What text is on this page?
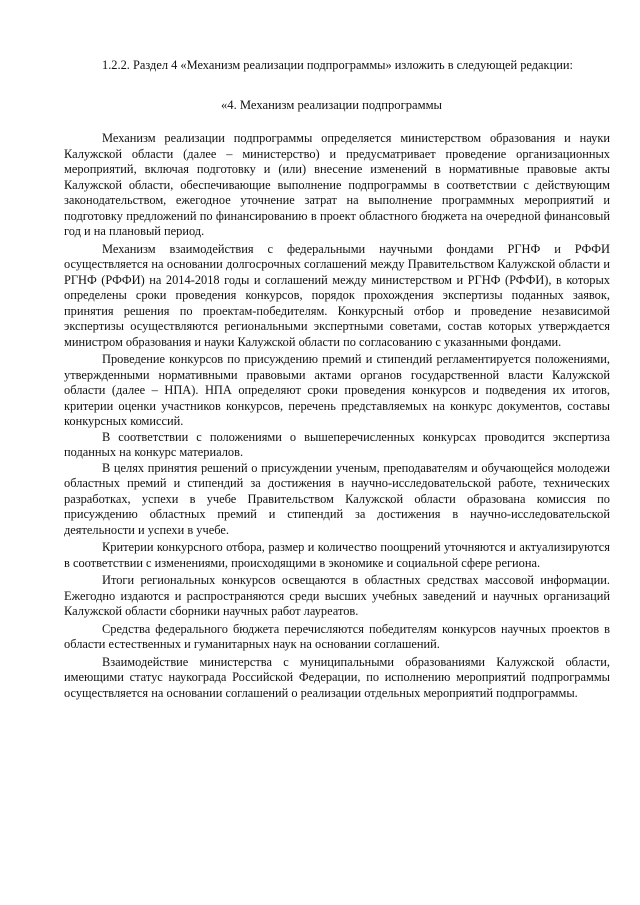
1.2.2. Раздел 4 «Механизм реализации подпрограммы» изложить в следующей редакции:

«4. Механизм реализации подпрограммы

Механизм реализации подпрограммы определяется министерством образования и науки Калужской области (далее – министерство) и предусматривает проведение организационных мероприятий, включая подготовку и (или) внесение изменений в нормативные правовые акты Калужской области, обеспечивающие выполнение подпрограммы в соответствии с действующим законодательством, ежегодное уточнение затрат на выполнение программных мероприятий и подготовку предложений по финансированию в проект областного бюджета на очередной финансовый год и на плановый период.

Механизм взаимодействия с федеральными научными фондами РГНФ и РФФИ осуществляется на основании долгосрочных соглашений между Правительством Калужской области и РГНФ (РФФИ) на 2014-2018 годы и соглашений между министерством и РГНФ (РФФИ), в которых определены сроки проведения конкурсов, порядок прохождения экспертизы поданных заявок, принятия решения по проектам-победителям. Конкурсный отбор и проведение независимой экспертизы осуществляются региональными экспертными советами, состав которых утверждается министром образования и науки Калужской области по согласованию с указанными фондами.

Проведение конкурсов по присуждению премий и стипендий регламентируется положениями, утвержденными нормативными правовыми актами органов государственной власти Калужской области (далее – НПА). НПА определяют сроки проведения конкурсов и подведения их итогов, критерии оценки участников конкурсов, перечень представляемых на конкурс документов, составы конкурсных комиссий.

В соответствии с положениями о вышеперечисленных конкурсах проводится экспертиза поданных на конкурс материалов.

В целях принятия решений о присуждении ученым, преподавателям и обучающейся молодежи областных премий и стипендий за достижения в научно-исследовательской работе, технических разработках, успехи в учебе Правительством Калужской области образована комиссия по присуждению областных премий и стипендий за достижения в научно-исследовательской деятельности и успехи в учебе.

Критерии конкурсного отбора, размер и количество поощрений уточняются и актуализируются в соответствии с изменениями, происходящими в экономике и социальной сфере региона.

Итоги региональных конкурсов освещаются в областных средствах массовой информации. Ежегодно издаются и распространяются среди высших учебных заведений и научных организаций Калужской области сборники научных работ лауреатов.

Средства федерального бюджета перечисляются победителям конкурсов научных проектов в области естественных и гуманитарных наук на основании соглашений.

Взаимодействие министерства с муниципальными образованиями Калужской области, имеющими статус наукограда Российской Федерации, по исполнению мероприятий подпрограммы осуществляется на основании соглашений о реализации отдельных мероприятий подпрограммы.
